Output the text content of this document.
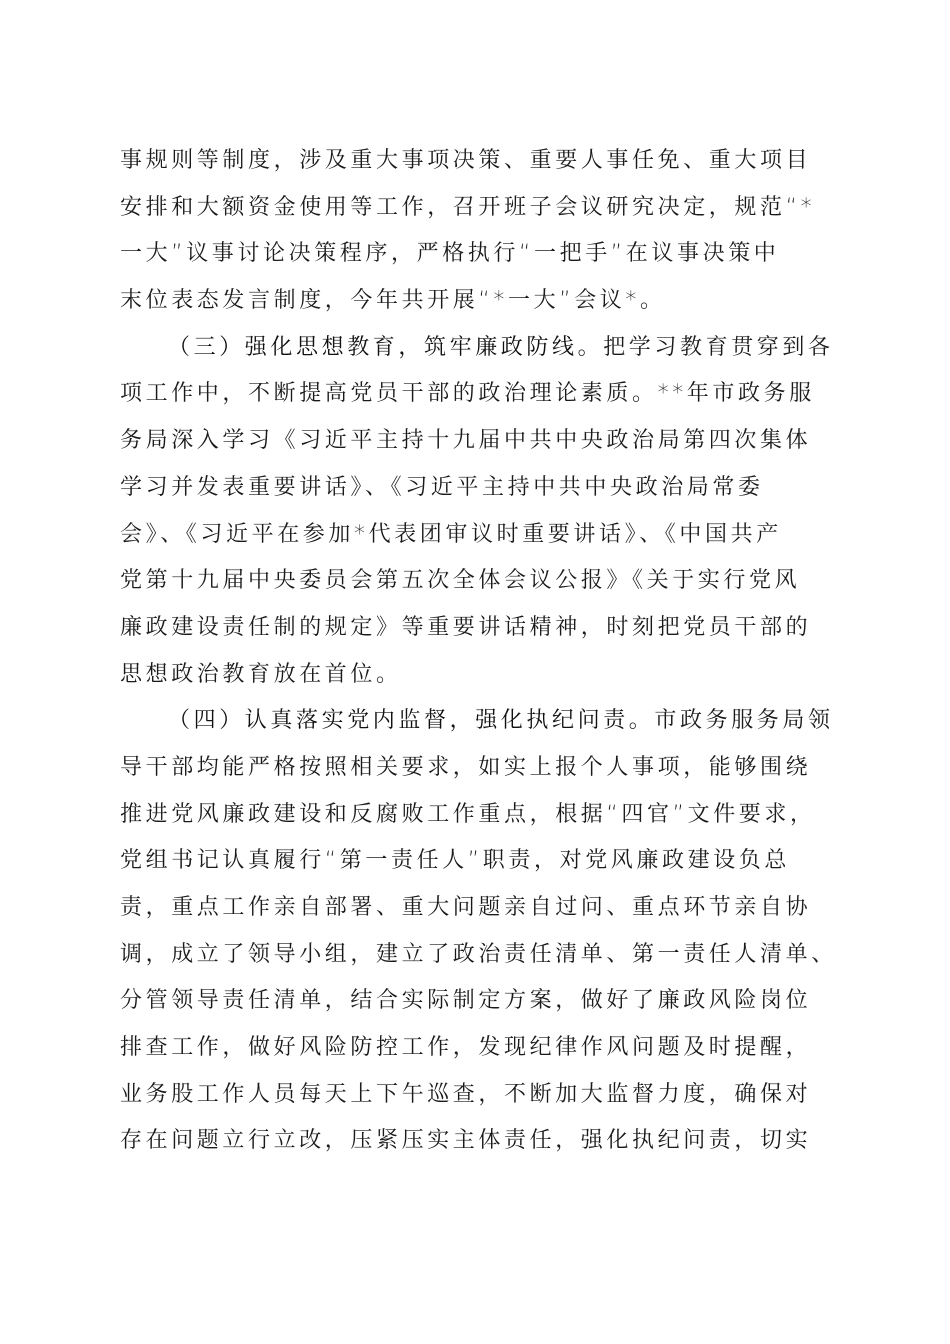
事规则等制度，涉及重大事项决策、重要人事任免、重大项目
安排和大额资金使用等工作，召开班子会议研究决定，规范“*
一大”议事讨论决策程序，严格执行“一把手”在议事决策中
末位表态发言制度，今年共开展“*一大”会议*。
（三）强化思想教育，筑牢廉政防线。把学习教育贯穿到各
项工作中，不断提高党员干部的政治理论素质。**年市政务服
务局深入学习《习近平主持十九届中共中央政治局第四次集体
学习并发表重要讲话》、《习近平主持中共中央政治局常委
会》、《习近平在参加*代表团审议时重要讲话》、《中国共产
党第十九届中央委员会第五次全体会议公报》《关于实行党风
廉政建设责任制的规定》等重要讲话精神，时刻把党员干部的
思想政治教育放在首位。
（四）认真落实党内监督，强化执纪问责。市政务服务局领
导干部均能严格按照相关要求，如实上报个人事项，能够围绕
推进党风廉政建设和反腐败工作重点，根据“四官”文件要求，
党组书记认真履行“第一责任人”职责，对党风廉政建设负总
责，重点工作亲自部署、重大问题亲自过问、重点环节亲自协
调，成立了领导小组，建立了政治责任清单、第一责任人清单、
分管领导责任清单，结合实际制定方案，做好了廉政风险岗位
排查工作，做好风险防控工作，发现纪律作风问题及时提醒，
业务股工作人员每天上下午巡查，不断加大监督力度，确保对
存在问题立行立改，压紧压实主体责任，强化执纪问责，切实
